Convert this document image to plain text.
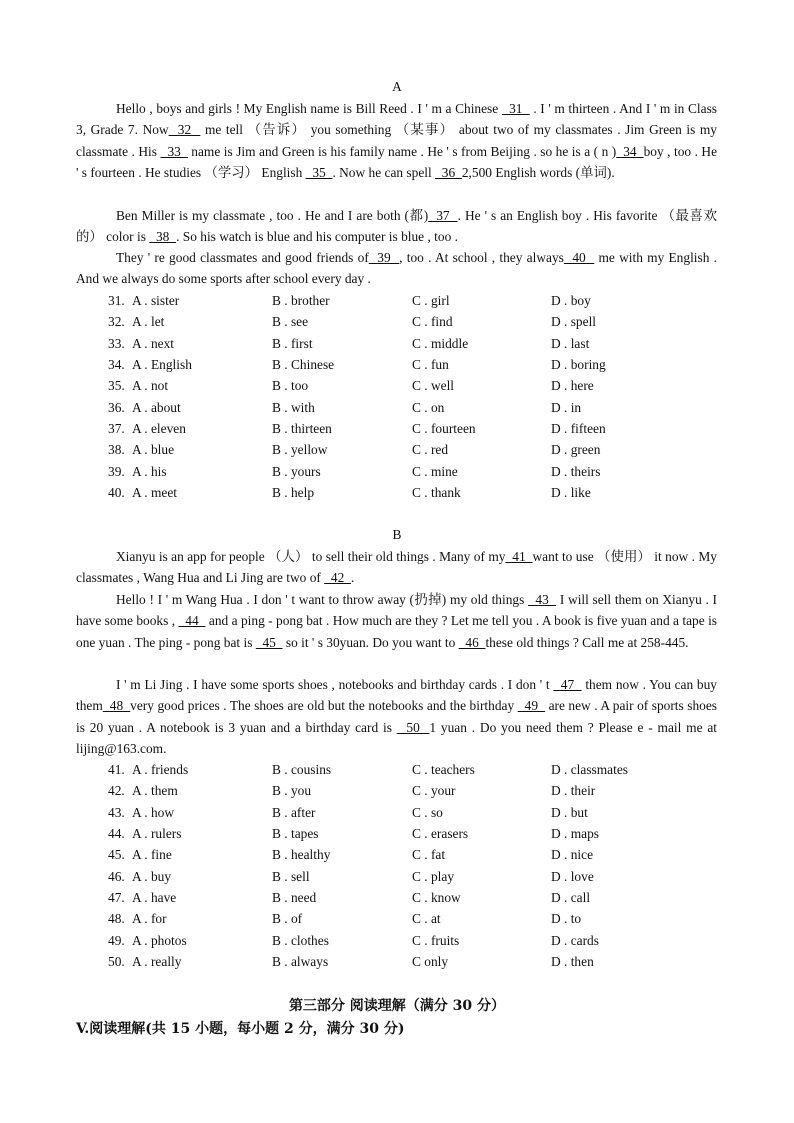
A

Hello , boys and girls ! My English name is Bill Reed . I ' m a Chinese   31   . I ' m thirteen . And I ' m in Class 3, Grade 7. Now  32   me tell （告诉） you something （某事） about two of my classmates . Jim Green is my classmate . His   33   name is Jim and Green is his family name . He ' s from Beijing . so he is a ( n )  34  boy , too . He ' s fourteen . He studies （学习） English   35  . Now he can spell   36  2,500 English words (单词).

Ben Miller is my classmate , too . He and I are both (都)  37  . He ' s an English boy . His favorite （最喜欢的） color is   38  . So his watch is blue and his computer is blue , too .

They ' re good classmates and good friends of  39  , too . At school , they always  40   me with my English . And we always do some sports after school every day .

31. A . sister	B . brother	C . girl	D . boy
32. A . let	B . see	C . find	D . spell
33. A . next	B . first	C . middle	D . last
34. A . English	B . Chinese	C . fun	D . boring
35. A . not	B . too	C . well	D . here
36. A . about	B . with	C . on	D . in
37. A . eleven	B . thirteen	C . fourteen	D . fifteen
38. A . blue	B . yellow	C . red	D . green
39. A . his	B . yours	C . mine	D . theirs
40. A . meet	B . help	C . thank	D . like
B

Xianyu is an app for people （人） to sell their old things . Many of my  41  want to use （使用） it now . My classmates , Wang Hua and Li Jing are two of   42  .

Hello ! I ' m Wang Hua . I don ' t want to throw away (扔掉) my old things   43   I will sell them on Xianyu . I have some books ,   44   and a ping - pong bat . How much are they ? Let me tell you . A book is five yuan and a tape is one yuan . The ping - pong bat is   45   so it ' s 30yuan. Do you want to   46  these old things ? Call me at 258-445.

I ' m Li Jing . I have some sports shoes , notebooks and birthday cards . I don ' t   47   them now . You can buy them  48  very good prices . The shoes are old but the notebooks and the birthday   49   are new . A pair of sports shoes is 20 yuan . A notebook is 3 yuan and a birthday card is   50  1 yuan . Do you need them ? Please e - mail me at lijing@163.com.

41. A . friends	B . cousins	C . teachers	D . classmates
42. A . them	B . you	C . your	D . their
43. A . how	B . after	C . so	D . but
44. A . rulers	B . tapes	C . erasers	D . maps
45. A . fine	B . healthy	C . fat	D . nice
46. A . buy	B . sell	C . play	D . love
47. A . have	B . need	C . know	D . call
48. A . for	B . of	C . at	D . to
49. A . photos	B . clothes	C . fruits	D . cards
50. A . really	B . always	C only	D . then
第三部分 阅读理解（满分 30 分）
V.阅读理解(共 15 小题，每小题 2 分，满分 30 分)
